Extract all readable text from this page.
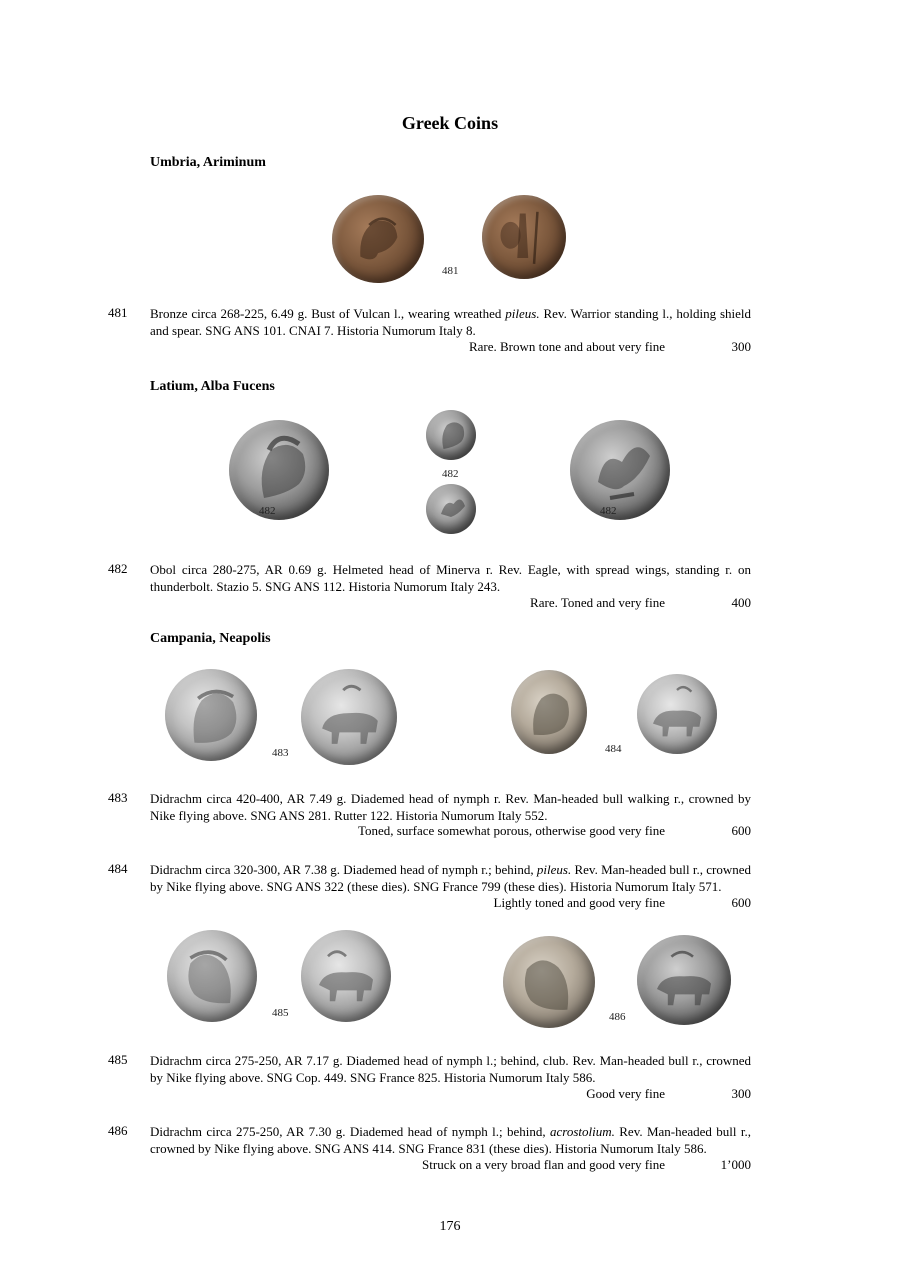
Greek Coins
Umbria, Ariminum
481
481 Bronze circa 268-225, 6.49 g. Bust of Vulcan l., wearing wreathed pileus. Rev. Warrior standing l., holding shield and spear. SNG ANS 101. CNAI 7. Historia Numorum Italy 8.
Rare. Brown tone and about very fine	300
Latium, Alba Fucens
482
482
482
482 Obol circa 280-275, AR 0.69 g. Helmeted head of Minerva r. Rev. Eagle, with spread wings, standing r. on thunderbolt. Stazio 5. SNG ANS 112. Historia Numorum Italy 243.
Rare. Toned and very fine	400
Campania, Neapolis
483	484
483 Didrachm circa 420-400, AR 7.49 g. Diademed head of nymph r. Rev. Man-headed bull walking r., crowned by Nike flying above. SNG ANS 281. Rutter 122. Historia Numorum Italy 552.
Toned, surface somewhat porous, otherwise good very fine	600
484 Didrachm circa 320-300, AR 7.38 g. Diademed head of nymph r.; behind, pileus. Rev. Man-headed bull r., crowned by Nike flying above. SNG ANS 322 (these dies). SNG France 799 (these dies). Historia Numorum Italy 571.
Lightly toned and good very fine	600
485	486
485 Didrachm circa 275-250, AR 7.17 g. Diademed head of nymph l.; behind, club. Rev. Man-headed bull r., crowned by Nike flying above. SNG Cop. 449. SNG France 825. Historia Numorum Italy 586.
Good very fine	300
486 Didrachm circa 275-250, AR 7.30 g. Diademed head of nymph l.; behind, acrostolium. Rev. Man-headed bull r., crowned by Nike flying above. SNG ANS 414. SNG France 831 (these dies). Historia Numorum Italy 586.
Struck on a very broad flan and good very fine	1’000
176
